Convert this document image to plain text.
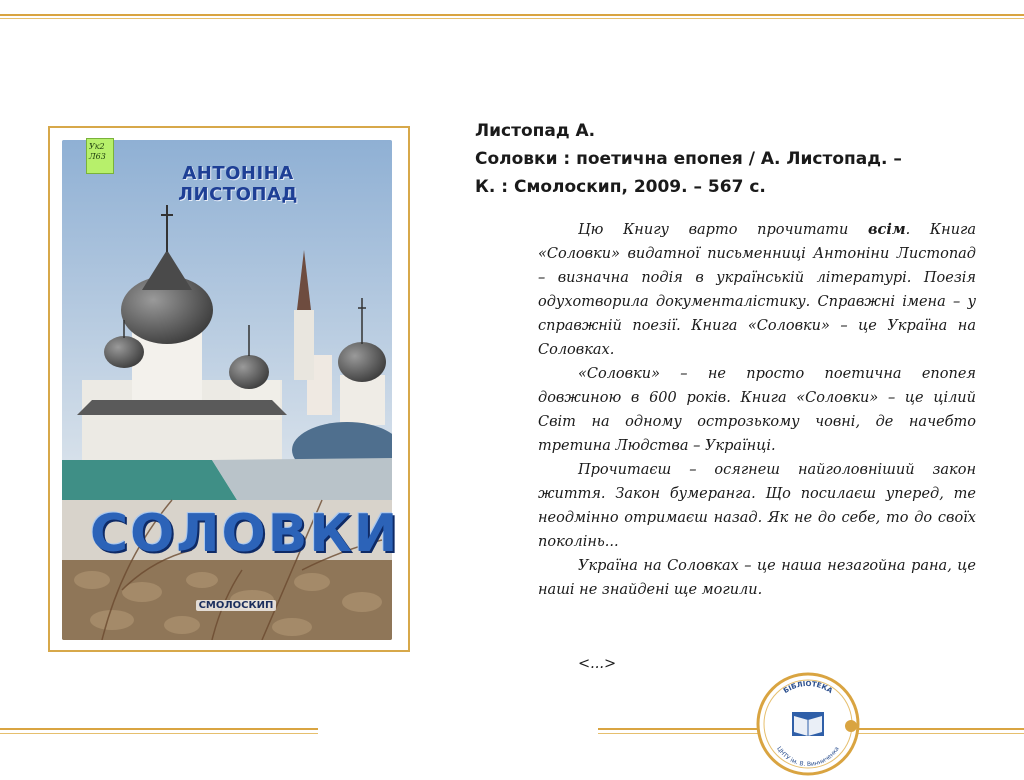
Ук2
Л63
АНТОНІНА ЛИСТОПАД
СОЛОВКИ
СМОЛОСКИП
Листопад А.
Соловки : поетична епопея / А. Листопад. –
К. : Смолоскип, 2009. – 567 с.

Цю Книгу варто прочитати всім. Книга «Соловки» видатної письменниці Антоніни Листопад – визначна подія в українській літературі. Поезія одухотворила документалістику. Справжні імена – у справжній поезії. Книга «Соловки» – це Україна на Соловках.

«Соловки» – не просто поетична епопея довжиною в 600 років. Книга «Соловки» – це цілий Світ на одному острозькому човні, де начебто третина Людства – Українці.

Прочитаєш – осягнеш найголовніший закон життя. Закон бумеранга. Що посилаєш уперед, те неодмінно отримаєш назад. Як не до себе, то до своїх поколінь...

Україна на Соловках – це наша незагойна рана, це наші не знайдені ще могили.

<...>
БІБЛІОТЕКА
ЦНТУ ім. В. Винниченка
